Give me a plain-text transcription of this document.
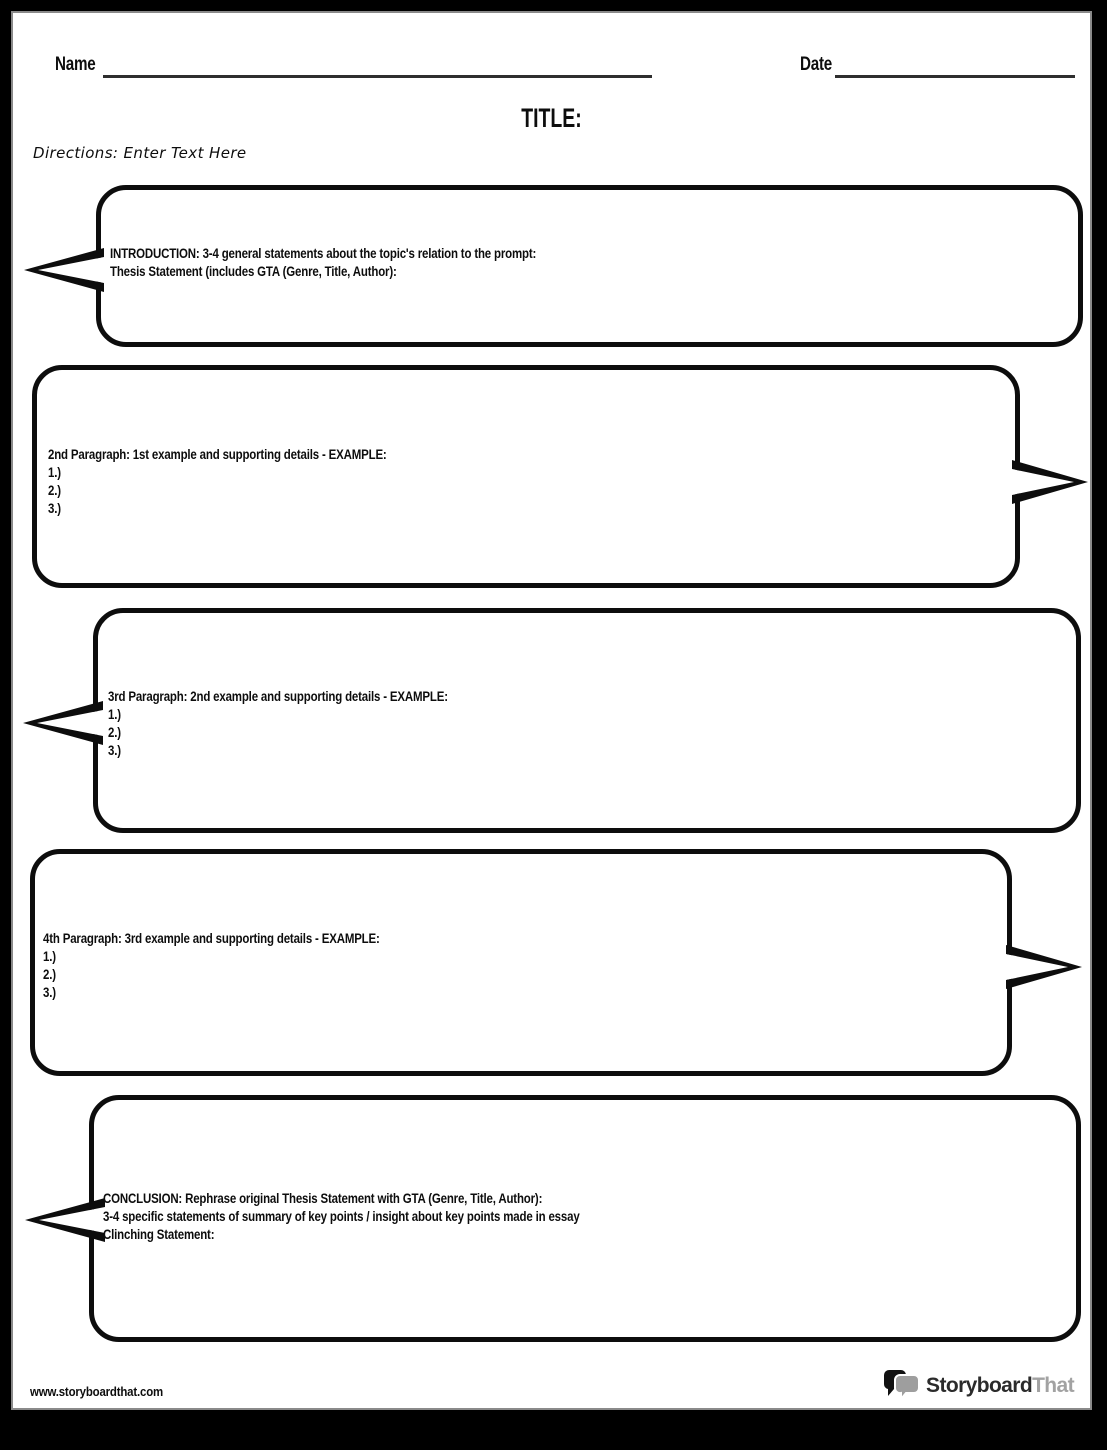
Name	Date
TITLE:
Directions: Enter Text Here
INTRODUCTION: 3-4 general statements about the topic's relation to the prompt:
Thesis Statement (includes GTA (Genre, Title, Author):
2nd Paragraph: 1st example and supporting details - EXAMPLE:
1.)
2.)
3.)
3rd Paragraph: 2nd example and supporting details - EXAMPLE:
1.)
2.)
3.)
4th Paragraph: 3rd example and supporting details - EXAMPLE:
1.)
2.)
3.)
CONCLUSION: Rephrase original Thesis Statement with GTA (Genre, Title, Author):
3-4 specific statements of summary of key points / insight about key points made in essay
Clinching Statement:
www.storyboardthat.com	StoryboardThat
